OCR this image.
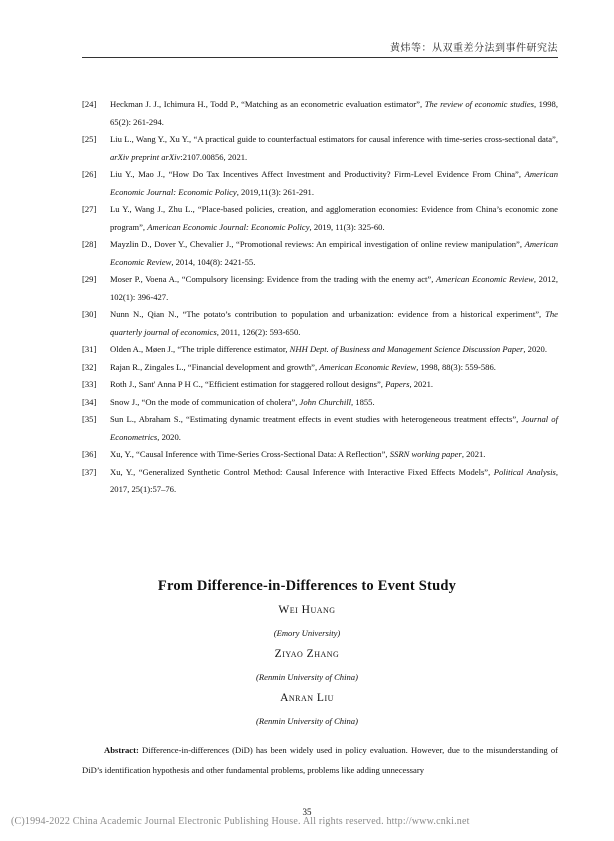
黄炜等：从双重差分法到事件研究法
[24]	Heckman J. J., Ichimura H., Todd P., “Matching as an econometric evaluation estimator”, The review of economic studies, 1998, 65(2): 261-294.
[25]	Liu L., Wang Y., Xu Y., “A practical guide to counterfactual estimators for causal inference with time-series cross-sectional data”, arXiv preprint arXiv:2107.00856, 2021.
[26]	Liu Y., Mao J., “How Do Tax Incentives Affect Investment and Productivity? Firm-Level Evidence From China”, American Economic Journal: Economic Policy, 2019,11(3): 261-291.
[27]	Lu Y., Wang J., Zhu L., “Place-based policies, creation, and agglomeration economies: Evidence from China’s economic zone program”, American Economic Journal: Economic Policy, 2019, 11(3): 325-60.
[28]	Mayzlin D., Dover Y., Chevalier J., “Promotional reviews: An empirical investigation of online review manipulation”, American Economic Review, 2014, 104(8): 2421-55.
[29]	Moser P., Voena A., “Compulsory licensing: Evidence from the trading with the enemy act”, American Economic Review, 2012, 102(1): 396-427.
[30]	Nunn N., Qian N., “The potato’s contribution to population and urbanization: evidence from a historical experiment”, The quarterly journal of economics, 2011, 126(2): 593-650.
[31]	Olden A., Møen J., “The triple difference estimator, NHH Dept. of Business and Management Science Discussion Paper, 2020.
[32]	Rajan R., Zingales L., “Financial development and growth”, American Economic Review, 1998, 88(3): 559-586.
[33]	Roth J., Sant' Anna P H C., “Efficient estimation for staggered rollout designs”, Papers, 2021.
[34]	Snow J., “On the mode of communication of cholera”, John Churchill, 1855.
[35]	Sun L., Abraham S., “Estimating dynamic treatment effects in event studies with heterogeneous treatment effects”, Journal of Econometrics, 2020.
[36]	Xu, Y., “Causal Inference with Time-Series Cross-Sectional Data: A Reflection”, SSRN working paper, 2021.
[37]	Xu, Y., “Generalized Synthetic Control Method: Causal Inference with Interactive Fixed Effects Models”, Political Analysis, 2017, 25(1):57–76.
From Difference-in-Differences to Event Study
Wei Huang
(Emory University)
Ziyao Zhang
(Renmin University of China)
Anran Liu
(Renmin University of China)
Abstract: Difference-in-differences (DiD) has been widely used in policy evaluation. However, due to the misunderstanding of DiD’s identification hypothesis and other fundamental problems, problems like adding unnecessary
35
(C)1994-2022 China Academic Journal Electronic Publishing House. All rights reserved. http://www.cnki.net
